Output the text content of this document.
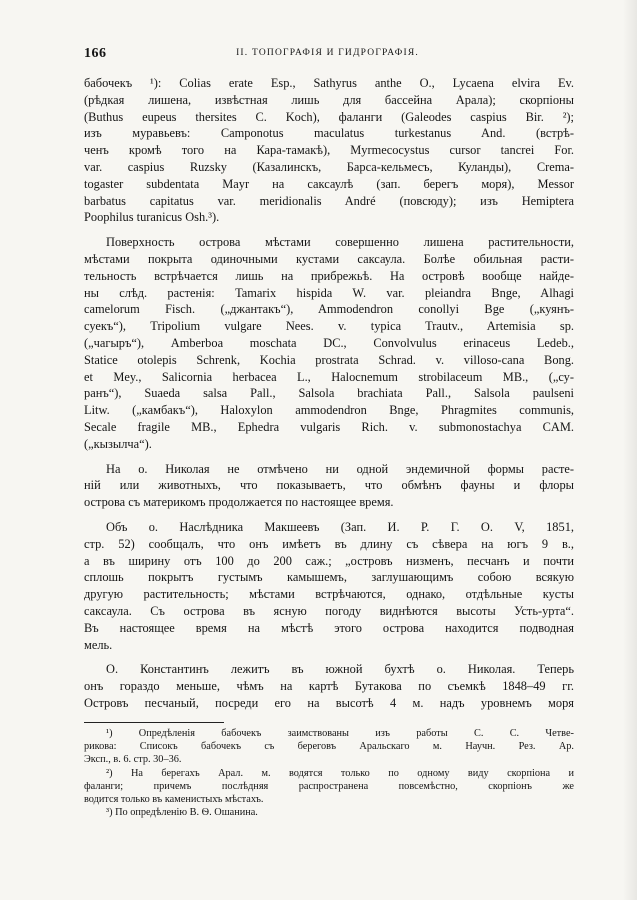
166	II. ТОПОГРАФІЯ И ГИДРОГРАФІЯ.
бабочекъ ¹): Colias erate Esp., Sathyrus anthe O., Lycaena elvira Ev.
(рѣдкая лишена, извѣстная лишь для бассейна Арала); скорпіоны
(Buthus eupeus thersites C. Koch), фаланги (Galeodes caspius Bir. ²);
изъ муравьевъ: Camponotus maculatus turkestanus And. (встрѣ-
ченъ кромѣ того на Кара-тамакѣ), Myrmecocystus cursor tancrei For.
var. caspius Ruzsky (Казалинскъ, Барса-кельмесъ, Куланды), Crema-
togaster subdentata Mayr на саксаулѣ (зап. берегъ моря), Messor
barbatus capitatus var. meridionalis André (повсюду); изъ Hemiptera
Poophilus turanicus Osh.³).
Поверхность острова мѣстами совершенно лишена растительности,
мѣстами покрыта одиночными кустами саксаула. Болѣе обильная расти-
тельность встрѣчается лишь на прибрежьѣ. На островѣ вообще найде-
ны слѣд. растенія: Tamarix hispida W. var. pleiandra Bnge, Alhagi
camelorum Fisch. („джантакъ“), Ammodendron conollyi Bge („куянъ-
суекъ“), Tripolium vulgare Nees. v. typica Trautv., Artemisia sp.
(„чагыръ“), Amberboa moschata DC., Convolvulus erinaceus Ledeb.,
Statice otolepis Schrenk, Kochia prostrata Schrad. v. villoso-cana Bong.
et Mey., Salicornia herbacea L., Halocnemum strobilaceum MB., („су-
ранъ“), Suaeda salsa Pall., Salsola brachiata Pall., Salsola paulseni
Litw. („камбакъ“), Haloxylon ammodendron Bnge, Phragmites communis,
Secale fragile MB., Ephedra vulgaris Rich. v. submonostachya CAM.
(„кызылча“).
На о. Николая не отмѣчено ни одной эндемичной формы расте-
ній или животныхъ, что показываетъ, что обмѣнъ фауны и флоры
острова съ материкомъ продолжается по настоящее время.
Объ о. Наслѣдника Макшеевъ (Зап. И. Р. Г. О. V, 1851,
стр. 52) сообщалъ, что онъ имѣетъ въ длину съ сѣвера на югъ 9 в.,
а въ ширину отъ 100 до 200 саж.; „островъ низменъ, песчанъ и почти
сплошь покрытъ густымъ камышемъ, заглушающимъ собою всякую
другую растительность; мѣстами встрѣчаются, однако, отдѣльные кусты
саксаула. Съ острова въ ясную погоду виднѣются высоты Усть-урта“.
Въ настоящее время на мѣстѣ этого острова находится подводная
мель.
О. Константинъ лежитъ въ южной бухтѣ о. Николая. Теперь
онъ гораздо меньше, чѣмъ на картѣ Бутакова по съемкѣ 1848–49 гг.
Островъ песчаный, посреди его на высотѣ 4 м. надъ уровнемъ моря
¹) Опредѣленія бабочекъ заимствованы изъ работы С. С. Четве-
рикова: Списокъ бабочекъ съ береговъ Аральскаго м. Научн. Рез. Ар.
Эксп., в. 6. стр. 30–36.
²) На берегахъ Арал. м. водятся только по одному виду скорпіона и
фаланги; причемъ послѣдняя распространена повсемѣстно, скорпіонъ же
водится только въ каменистыхъ мѣстахъ.
³) По опредѣленію В. Ѳ. Ошанина.
